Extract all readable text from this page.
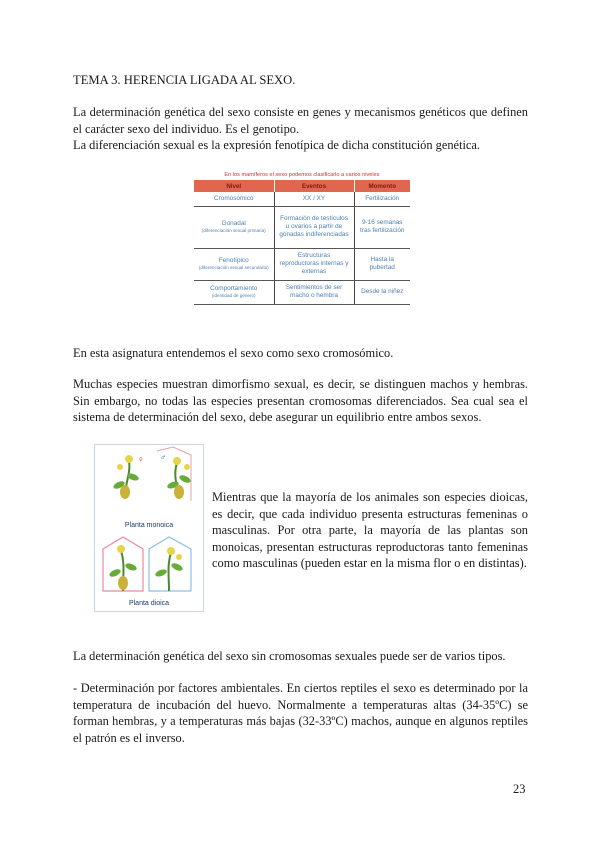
TEMA 3. HERENCIA LIGADA AL SEXO.

La determinación genética del sexo consiste en genes y mecanismos genéticos que definen el carácter sexo del individuo. Es el genotipo.

La diferenciación sexual es la expresión fenotípica de dicha constitución genética.

En los mamíferos el sexo podemos clasificarlo a varios niveles
Nivel	Eventos	Momento
Cromosómico	XX / XY	Fertilización
Gonadal
(diferenciación sexual primaria)	Formación de testículos u ovarios a partir de gónadas indiferenciadas	9-16 semanas tras fertilización
Fenotípico
(diferenciación sexual secundaria)	Estructuras reproductoras internas y externas	Hasta la pubertad
Comportamiento
(identidad de género)	Sentimientos de ser macho o hembra	Desde la niñez

En esta asignatura entendemos el sexo como sexo cromosómico.

Muchas especies muestran dimorfismo sexual, es decir, se distinguen machos y hembras. Sin embargo, no todas las especies presentan cromosomas diferenciados. Sea cual sea el sistema de determinación del sexo, debe asegurar un equilibrio entre ambos sexos.

♀	♂
Planta monoica
Planta dioica

Mientras que la mayoría de los animales son especies dioicas, es decir, que cada individuo presenta estructuras femeninas o masculinas. Por otra parte, la mayoría de las plantas son monoicas, presentan estructuras reproductoras tanto femeninas como masculinas (pueden estar en la misma flor o en distintas).

La determinación genética del sexo sin cromosomas sexuales puede ser de varios tipos.

- Determinación por factores ambientales. En ciertos reptiles el sexo es determinado por la temperatura de incubación del huevo. Normalmente a temperaturas altas (34-35ºC) se forman hembras, y a temperaturas más bajas (32-33ºC) machos, aunque en algunos reptiles el patrón es el inverso.

23
